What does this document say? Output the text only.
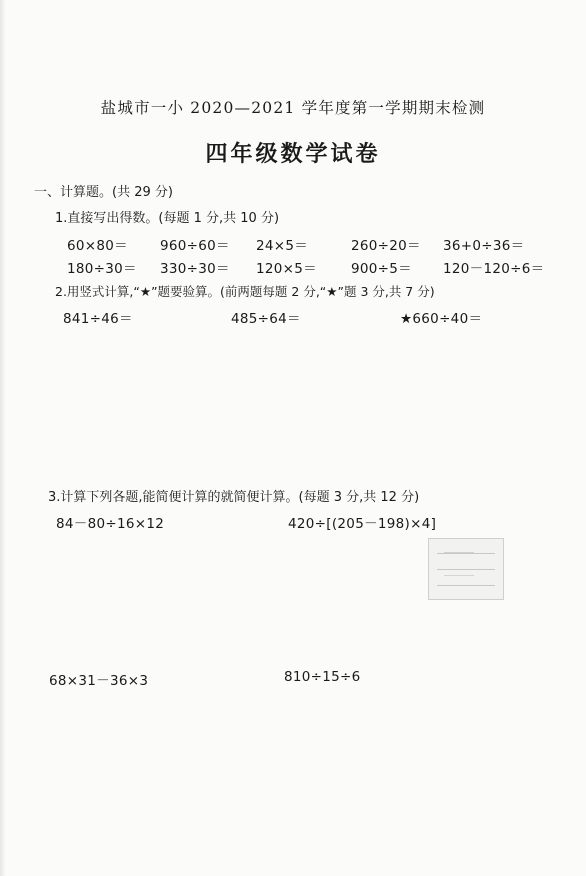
盐城市一小 2020—2021 学年度第一学期期末检测
四年级数学试卷
一、计算题。(共 29 分)
1.直接写出得数。(每题 1 分,共 10 分)
60×80＝ 960÷60＝ 24×5＝	260÷20＝ 36+0÷36＝
180÷30＝ 330÷30＝ 120×5＝	900÷5＝ 120－120÷6＝
2.用竖式计算,“★”题要验算。(前两题每题 2 分,“★”题 3 分,共 7 分)
841÷46＝	485÷64＝	★660÷40＝
3.计算下列各题,能简便计算的就简便计算。(每题 3 分,共 12 分)
84－80÷16×12	420÷[(205－198)×4]
68×31－36×3	810÷15÷6
